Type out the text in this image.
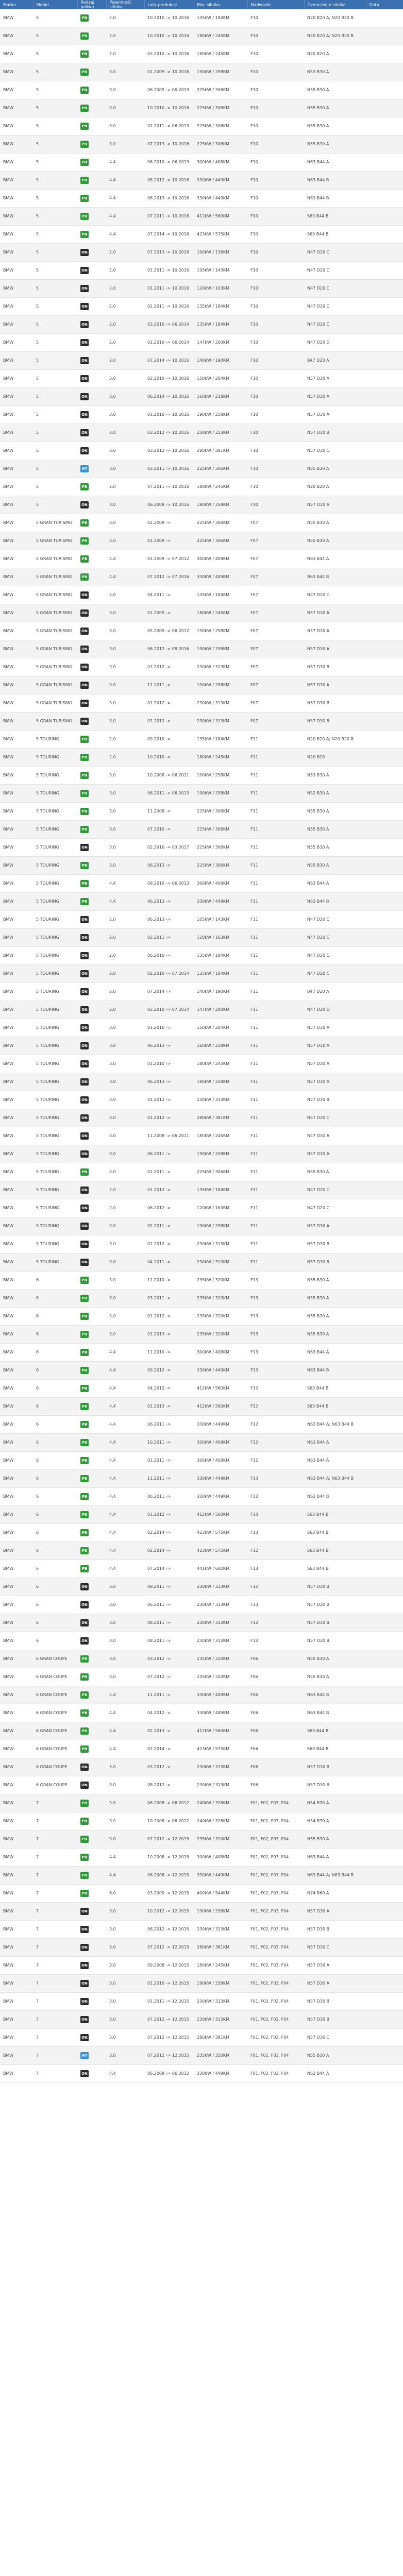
Marka	Model	Rodzaj paliwa	Pojemność silnika	Lata produkcji	Moc silnika	Nadwozie	Oznaczenie silnika	Data
BMW	5	PB	2.0	10.2010 -> 10.2016	135kW / 184KM	F10	N20 B20 A; N20 B20 B	
BMW	5	PB	2.0	10.2010 -> 10.2016	180kW / 245KM	F10	N20 B20 A; N20 B20 B	
BMW	5	PB	2.0	02.2010 -> 10.2016	180kW / 245KM	F10	N20 B20 A	
BMW	5	PB	3.0	01.2009 -> 10.2016	190kW / 258KM	F10	N53 B30 A	
BMW	5	PB	3.0	06.2009 -> 06.2013	225kW / 306KM	F10	N55 B30 A	
BMW	5	PB	3.0	10.2010 -> 10.2016	225kW / 306KM	F10	N55 B30 A	
BMW	5	PB	3.0	01.2011 -> 06.2013	225kW / 306KM	F10	N55 B30 A	
BMW	5	PB	3.0	07.2013 -> 10.2016	225kW / 306KM	F10	N55 B30 A	
BMW	5	PB	4.4	06.2010 -> 06.2013	300kW / 408KM	F10	N63 B44 A	
BMW	5	PB	4.4	08.2012 -> 10.2016	330kW / 449KM	F10	N63 B44 B	
BMW	5	PB	4.4	06.2013 -> 10.2016	330kW / 449KM	F10	N63 B44 B	
BMW	5	PB	4.4	07.2011 -> 10.2016	412kW / 560KM	F10	S63 B44 B	
BMW	5	PB	4.4	07.2014 -> 10.2016	423kW / 575KM	F10	S63 B44 B	
BMW	5	ON	2.0	07.2013 -> 10.2016	100kW / 136KM	F10	N47 D20 C	
BMW	5	ON	2.0	01.2011 -> 10.2016	105kW / 143KM	F10	N47 D20 C	
BMW	5	ON	2.0	01.2011 -> 10.2016	120kW / 163KM	F10	N47 D20 C	
BMW	5	ON	2.0	01.2011 -> 10.2016	135kW / 184KM	F10	N47 D20 C	
BMW	5	ON	2.0	03.2010 -> 06.2014	135kW / 184KM	F10	N47 D20 C	
BMW	5	ON	2.0	01.2010 -> 06.2014	147kW / 200KM	F10	N47 D20 D	
BMW	5	ON	2.0	07.2014 -> 10.2016	140kW / 190KM	F10	B47 D20 A	
BMW	5	ON	3.0	02.2010 -> 10.2016	150kW / 204KM	F10	N57 D30 A	
BMW	5	ON	3.0	06.2014 -> 10.2016	160kW / 218KM	F10	N57 D30 A	
BMW	5	ON	3.0	01.2010 -> 10.2016	190kW / 258KM	F10	N57 D30 A	
BMW	5	ON	3.0	03.2012 -> 10.2016	230kW / 313KM	F10	N57 D30 B	
BMW	5	ON	3.0	03.2012 -> 10.2016	280kW / 381KM	F10	N57 D30 C	
BMW	5	HY	3.0	03.2011 -> 10.2016	225kW / 306KM	F10	N55 B30 A	
BMW	5	PB	2.0	07.2011 -> 10.2016	180kW / 245KM	F10	N20 B20 A	
BMW	5	ON	3.0	06.2009 -> 10.2016	190kW / 258KM	F10	N57 D30 A	
BMW	5 GRAN TURISMO	PB	3.0	01.2009 ->	225kW / 306KM	F07	N55 B30 A	
BMW	5 GRAN TURISMO	PB	3.0	01.2009 ->	225kW / 306KM	F07	N55 B30 A	
BMW	5 GRAN TURISMO	PB	4.4	01.2009 -> 07.2012	300kW / 408KM	F07	N63 B44 A	
BMW	5 GRAN TURISMO	PB	4.4	07.2012 -> 07.2016	330kW / 449KM	F07	N63 B44 B	
BMW	5 GRAN TURISMO	ON	2.0	04.2011 ->	135kW / 184KM	F07	N47 D20 C	
BMW	5 GRAN TURISMO	ON	3.0	01.2009 ->	180kW / 245KM	F07	N57 D30 A	
BMW	5 GRAN TURISMO	ON	3.0	05.2009 -> 06.2012	190kW / 258KM	F07	N57 D30 A	
BMW	5 GRAN TURISMO	ON	3.0	06.2012 -> 08.2016	190kW / 258KM	F07	N57 D30 A	
BMW	5 GRAN TURISMO	ON	3.0	01.2012 ->	230kW / 313KM	F07	N57 D30 B	
BMW	5 GRAN TURISMO	ON	3.0	11.2011 ->	190kW / 258KM	F07	N57 D30 A	
BMW	5 GRAN TURISMO	ON	3.0	01.2012 ->	230kW / 313KM	F07	N57 D30 B	
BMW	5 GRAN TURISMO	ON	3.0	01.2012 ->	230kW / 313KM	F07	N57 D30 B	
BMW	5 TOURING	PB	2.0	09.2010 ->	135kW / 184KM	F11	N20 B20 A; N20 B20 B	
BMW	5 TOURING	PB	2.0	10.2010 ->	180kW / 245KM	F11	N20 B20	
BMW	5 TOURING	PB	3.0	10.2008 -> 06.2011	190kW / 258KM	F11	N53 B30 A	
BMW	5 TOURING	PB	3.0	06.2011 -> 06.2013	190kW / 258KM	F11	N52 B30 A	
BMW	5 TOURING	PB	3.0	11.2008 ->	225kW / 306KM	F11	N55 B30 A	
BMW	5 TOURING	PB	3.0	07.2010 ->	225kW / 306KM	F11	N55 B30 A	
BMW	5 TOURING	ON	3.0	02.2010 -> 03.2017	225kW / 306KM	F11	N55 B30 A	
BMW	5 TOURING	PB	3.0	06.2013 ->	225kW / 306KM	F11	N55 B30 A	
BMW	5 TOURING	PB	4.4	09.2010 -> 06.2013	300kW / 408KM	F11	N63 B44 A	
BMW	5 TOURING	PB	4.4	06.2013 ->	330kW / 449KM	F11	N63 B44 B	
BMW	5 TOURING	ON	2.0	06.2013 ->	105kW / 143KM	F11	N47 D20 C	
BMW	5 TOURING	ON	2.0	02.2011 ->	120kW / 163KM	F11	N47 D20 C	
BMW	5 TOURING	ON	2.0	06.2010 ->	135kW / 184KM	F11	N47 D20 C	
BMW	5 TOURING	ON	2.0	02.2010 -> 07.2014	135kW / 184KM	F11	N47 D20 C	
BMW	5 TOURING	ON	2.0	07.2014 ->	140kW / 190KM	F11	B47 D20 A	
BMW	5 TOURING	ON	2.0	02.2010 -> 07.2014	147kW / 200KM	F11	N47 D20 D	
BMW	5 TOURING	ON	3.0	01.2010 ->	150kW / 204KM	F11	N57 D30 A	
BMW	5 TOURING	ON	3.0	06.2013 ->	160kW / 218KM	F11	N57 D30 A	
BMW	5 TOURING	ON	3.0	01.2010 ->	180kW / 245KM	F11	N57 D30 A	
BMW	5 TOURING	ON	3.0	06.2013 ->	190kW / 258KM	F11	N57 D30 A	
BMW	5 TOURING	ON	3.0	01.2012 ->	230kW / 313KM	F11	N57 D30 B	
BMW	5 TOURING	ON	3.0	01.2012 ->	280kW / 381KM	F11	N57 D30 C	
BMW	5 TOURING	ON	3.0	11.2008 -> 06.2011	180kW / 245KM	F11	N57 D30 A	
BMW	5 TOURING	ON	3.0	06.2011 ->	190kW / 258KM	F11	N57 D30 A	
BMW	5 TOURING	PB	3.0	01.2011 ->	225kW / 306KM	F11	N55 B30 A	
BMW	5 TOURING	ON	2.0	01.2012 ->	135kW / 184KM	F11	N47 D20 C	
BMW	5 TOURING	ON	2.0	06.2012 ->	120kW / 163KM	F11	N47 D20 C	
BMW	5 TOURING	ON	3.0	02.2011 ->	190kW / 258KM	F11	N57 D30 A	
BMW	5 TOURING	ON	3.0	01.2012 ->	230kW / 313KM	F11	N57 D30 B	
BMW	5 TOURING	ON	3.0	04.2011 ->	230kW / 313KM	F11	N57 D30 B	
BMW	6	PB	3.0	11.2010 ->	235kW / 320KM	F13	N55 B30 A	
BMW	6	PB	3.0	03.2011 ->	235kW / 320KM	F13	N55 B30 A	
BMW	6	PB	3.0	01.2012 ->	235kW / 320KM	F13	N55 B30 A	
BMW	6	PB	3.0	01.2013 ->	235kW / 320KM	F13	N55 B30 A	
BMW	6	PB	4.4	11.2010 ->	300kW / 408KM	F13	N63 B44 A	
BMW	6	PB	4.4	09.2012 ->	330kW / 449KM	F13	N63 B44 B	
BMW	6	PB	4.4	04.2012 ->	412kW / 560KM	F12	S63 B44 B	
BMW	6	PB	4.4	01.2013 ->	412kW / 560KM	F12	S63 B44 B	
BMW	6	PB	4.4	06.2011 ->	330kW / 449KM	F12	N63 B44 A; N63 B44 B	
BMW	6	PB	4.4	10.2011 ->	300kW / 408KM	F12	N63 B44 A	
BMW	6	PB	4.4	01.2011 ->	300kW / 408KM	F12	N63 B44 A	
BMW	6	PB	4.4	11.2011 ->	330kW / 449KM	F13	N63 B44 A; N63 B44 B	
BMW	6	PB	4.4	06.2011 ->	330kW / 449KM	F13	N63 B44 B	
BMW	6	PB	4.4	01.2012 ->	412kW / 560KM	F13	S63 B44 B	
BMW	6	PB	4.4	02.2014 ->	423kW / 575KM	F13	S63 B44 B	
BMW	6	PB	4.4	02.2014 ->	423kW / 575KM	F12	S63 B44 B	
BMW	6	PB	4.4	07.2014 ->	441kW / 600KM	F13	S63 B44 B	
BMW	6	ON	3.0	08.2011 ->	230kW / 313KM	F12	N57 D30 B	
BMW	6	ON	3.0	06.2011 ->	230kW / 313KM	F13	N57 D30 B	
BMW	6	ON	3.0	08.2011 ->	230kW / 313KM	F12	N57 D30 B	
BMW	6	ON	3.0	08.2011 ->	230kW / 313KM	F13	N57 D30 B	
BMW	6 GRAN COUPE	PB	3.0	03.2012 ->	235kW / 320KM	F06	N55 B30 A	
BMW	6 GRAN COUPE	PB	3.0	07.2012 ->	235kW / 320KM	F06	N55 B30 A	
BMW	6 GRAN COUPE	PB	4.4	11.2011 ->	330kW / 449KM	F06	N63 B44 B	
BMW	6 GRAN COUPE	PB	4.4	04.2012 ->	330kW / 449KM	F06	N63 B44 B	
BMW	6 GRAN COUPE	PB	4.4	02.2013 ->	412kW / 560KM	F06	S63 B44 B	
BMW	6 GRAN COUPE	PB	4.4	02.2014 ->	423kW / 575KM	F06	S63 B44 B	
BMW	6 GRAN COUPE	ON	3.0	03.2012 ->	230kW / 313KM	F06	N57 D30 B	
BMW	6 GRAN COUPE	ON	3.0	08.2012 ->	230kW / 313KM	F06	N57 D30 B	
BMW	7	PB	3.0	06.2008 -> 06.2012	240kW / 326KM	F01, F02, F03, F04	N54 B30 A	
BMW	7	PB	3.0	10.2008 -> 06.2012	240kW / 326KM	F01, F02, F03, F04	N54 B30 A	
BMW	7	PB	3.0	07.2012 -> 12.2015	235kW / 320KM	F01, F02, F03, F04	N55 B30 A	
BMW	7	PB	4.4	10.2008 -> 12.2015	300kW / 408KM	F01, F02, F03, F04	N63 B44 A	
BMW	7	PB	4.4	06.2008 -> 12.2015	330kW / 449KM	F01, F02, F03, F04	N63 B44 A; N63 B44 B	
BMW	7	PB	6.0	03.2009 -> 12.2015	400kW / 544KM	F01, F02, F03, F04	N74 B60 A	
BMW	7	ON	3.0	10.2012 -> 12.2015	190kW / 258KM	F01, F02, F03, F04	N57 D30 A	
BMW	7	ON	3.0	06.2012 -> 12.2015	230kW / 313KM	F01, F02, F03, F04	N57 D30 B	
BMW	7	ON	3.0	07.2012 -> 12.2015	280kW / 381KM	F01, F02, F03, F04	N57 D30 C	
BMW	7	ON	3.0	09.2008 -> 12.2015	180kW / 245KM	F01, F02, F03, F04	N57 D30 A	
BMW	7	ON	3.0	01.2010 -> 12.2015	190kW / 258KM	F01, F02, F03, F04	N57 D30 A	
BMW	7	ON	3.0	01.2011 -> 12.2015	230kW / 313KM	F01, F02, F03, F04	N57 D30 B	
BMW	7	ON	3.0	07.2012 -> 12.2015	230kW / 313KM	F01, F02, F03, F04	N57 D30 B	
BMW	7	ON	3.0	07.2012 -> 12.2015	280kW / 381KM	F01, F02, F03, F04	N57 D30 C	
BMW	7	HY	3.0	07.2012 -> 12.2015	235kW / 320KM	F01, F02, F03, F04	N55 B30 A	
BMW	7	ON	4.4	06.2009 -> 06.2012	330kW / 449KM	F01, F02, F03, F04	N63 B44 A	
